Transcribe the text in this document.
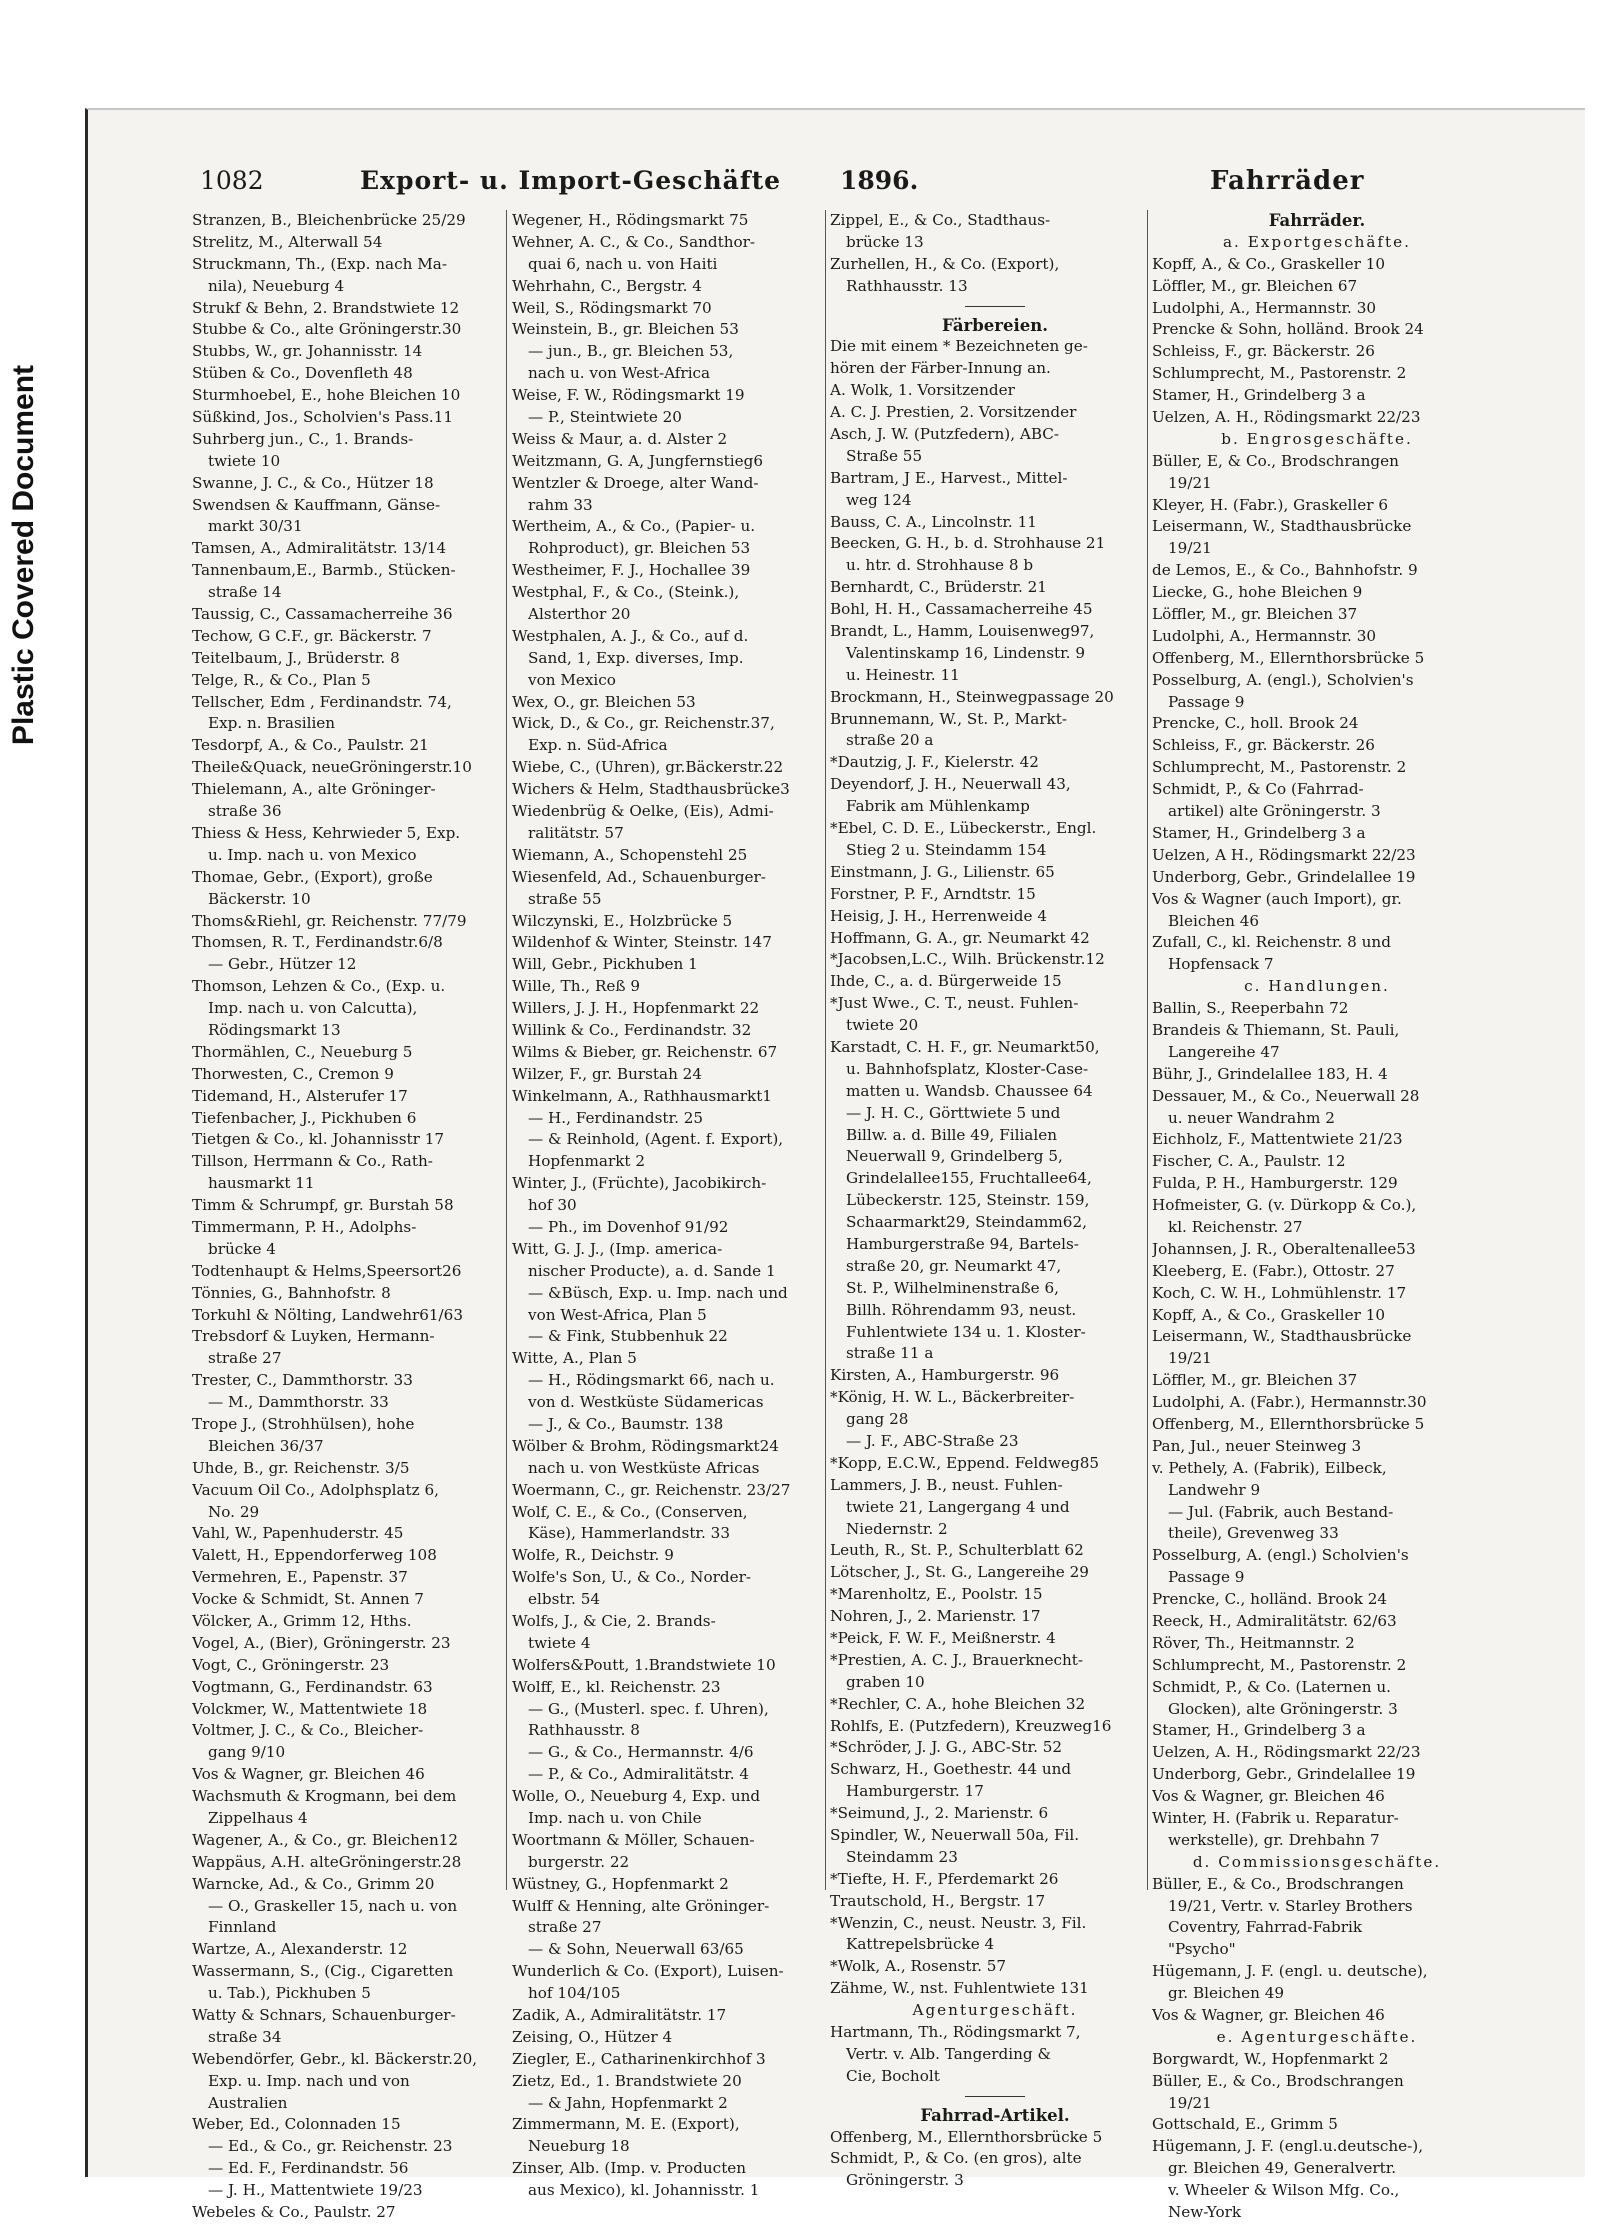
Plastic Covered Document
1082	Export- u. Import-Geschäfte 1896.	Fahrräder
Stranzen, B., Bleichenbrücke 25/29
Strelitz, M., Alterwall 54
Struckmann, Th., (Exp. nach Ma-
nila), Neueburg 4
Strukf & Behn, 2. Brandstwiete 12
Stubbe & Co., alte Gröningerstr.30
Stubbs, W., gr. Johannisstr. 14
Stüben & Co., Dovenfleth 48
Sturmhoebel, E., hohe Bleichen 10
Süßkind, Jos., Scholvien's Pass.11
Suhrberg jun., C., 1. Brands-
twiete 10
Swanne, J. C., & Co., Hützer 18
Swendsen & Kauffmann, Gänse-
markt 30/31
Tamsen, A., Admiralitätstr. 13/14
Tannenbaum,E., Barmb., Stücken-
straße 14
Taussig, C., Cassamacherreihe 36
Techow, G C.F., gr. Bäckerstr. 7
Teitelbaum, J., Brüderstr. 8
Telge, R., & Co., Plan 5
Tellscher, Edm , Ferdinandstr. 74,
Exp. n. Brasilien
Tesdorpf, A., & Co., Paulstr. 21
Theile&Quack, neueGröningerstr.10
Thielemann, A., alte Gröninger-
straße 36
Thiess & Hess, Kehrwieder 5, Exp.
u. Imp. nach u. von Mexico
Thomae, Gebr., (Export), große
Bäckerstr. 10
Thoms&Riehl, gr. Reichenstr. 77/79
Thomsen, R. T., Ferdinandstr.6/8
— Gebr., Hützer 12
Thomson, Lehzen & Co., (Exp. u.
Imp. nach u. von Calcutta),
Rödingsmarkt 13
Thormählen, C., Neueburg 5
Thorwesten, C., Cremon 9
Tidemand, H., Alsterufer 17
Tiefenbacher, J., Pickhuben 6
Tietgen & Co., kl. Johannisstr 17
Tillson, Herrmann & Co., Rath-
hausmarkt 11
Timm & Schrumpf, gr. Burstah 58
Timmermann, P. H., Adolphs-
brücke 4
Todtenhaupt & Helms,Speersort26
Tönnies, G., Bahnhofstr. 8
Torkuhl & Nölting, Landwehr61/63
Trebsdorf & Luyken, Hermann-
straße 27
Trester, C., Dammthorstr. 33
— M., Dammthorstr. 33
Trope J., (Strohhülsen), hohe
Bleichen 36/37
Uhde, B., gr. Reichenstr. 3/5
Vacuum Oil Co., Adolphsplatz 6,
No. 29
Vahl, W., Papenhuderstr. 45
Valett, H., Eppendorferweg 108
Vermehren, E., Papenstr. 37
Vocke & Schmidt, St. Annen 7
Völcker, A., Grimm 12, Hths.
Vogel, A., (Bier), Gröningerstr. 23
Vogt, C., Gröningerstr. 23
Vogtmann, G., Ferdinandstr. 63
Volckmer, W., Mattentwiete 18
Voltmer, J. C., & Co., Bleicher-
gang 9/10
Vos & Wagner, gr. Bleichen 46
Wachsmuth & Krogmann, bei dem
Zippelhaus 4
Wagener, A., & Co., gr. Bleichen12
Wappäus, A.H. alteGröningerstr.28
Warncke, Ad., & Co., Grimm 20
— O., Graskeller 15, nach u. von
Finnland
Wartze, A., Alexanderstr. 12
Wassermann, S., (Cig., Cigaretten
u. Tab.), Pickhuben 5
Watty & Schnars, Schauenburger-
straße 34
Webendörfer, Gebr., kl. Bäckerstr.20,
Exp. u. Imp. nach und von
Australien
Weber, Ed., Colonnaden 15
— Ed., & Co., gr. Reichenstr. 23
— Ed. F., Ferdinandstr. 56
— J. H., Mattentwiete 19/23
Webeles & Co., Paulstr. 27
Wegener, H., Rödingsmarkt 75
Wehner, A. C., & Co., Sandthor-
quai 6, nach u. von Haiti
Wehrhahn, C., Bergstr. 4
Weil, S., Rödingsmarkt 70
Weinstein, B., gr. Bleichen 53
— jun., B., gr. Bleichen 53,
nach u. von West-Africa
Weise, F. W., Rödingsmarkt 19
— P., Steintwiete 20
Weiss & Maur, a. d. Alster 2
Weitzmann, G. A, Jungfernstieg6
Wentzler & Droege, alter Wand-
rahm 33
Wertheim, A., & Co., (Papier- u.
Rohproduct), gr. Bleichen 53
Westheimer, F. J., Hochallee 39
Westphal, F., & Co., (Steink.),
Alsterthor 20
Westphalen, A. J., & Co., auf d.
Sand, 1, Exp. diverses, Imp.
von Mexico
Wex, O., gr. Bleichen 53
Wick, D., & Co., gr. Reichenstr.37,
Exp. n. Süd-Africa
Wiebe, C., (Uhren), gr.Bäckerstr.22
Wichers & Helm, Stadthausbrücke3
Wiedenbrüg & Oelke, (Eis), Admi-
ralitätstr. 57
Wiemann, A., Schopenstehl 25
Wiesenfeld, Ad., Schauenburger-
straße 55
Wilczynski, E., Holzbrücke 5
Wildenhof & Winter, Steinstr. 147
Will, Gebr., Pickhuben 1
Wille, Th., Reß 9
Willers, J. J. H., Hopfenmarkt 22
Willink & Co., Ferdinandstr. 32
Wilms & Bieber, gr. Reichenstr. 67
Wilzer, F., gr. Burstah 24
Winkelmann, A., Rathhausmarkt1
— H., Ferdinandstr. 25
— & Reinhold, (Agent. f. Export),
Hopfenmarkt 2
Winter, J., (Früchte), Jacobikirch-
hof 30
— Ph., im Dovenhof 91/92
Witt, G. J. J., (Imp. america-
nischer Producte), a. d. Sande 1
— &Büsch, Exp. u. Imp. nach und
von West-Africa, Plan 5
— & Fink, Stubbenhuk 22
Witte, A., Plan 5
— H., Rödingsmarkt 66, nach u.
von d. Westküste Südamericas
— J., & Co., Baumstr. 138
Wölber & Brohm, Rödingsmarkt24
nach u. von Westküste Africas
Woermann, C., gr. Reichenstr. 23/27
Wolf, C. E., & Co., (Conserven,
Käse), Hammerlandstr. 33
Wolfe, R., Deichstr. 9
Wolfe's Son, U., & Co., Norder-
elbstr. 54
Wolfs, J., & Cie, 2. Brands-
twiete 4
Wolfers&Poutt, 1.Brandstwiete 10
Wolff, E., kl. Reichenstr. 23
— G., (Musterl. spec. f. Uhren),
Rathhausstr. 8
— G., & Co., Hermannstr. 4/6
— P., & Co., Admiralitätstr. 4
Wolle, O., Neueburg 4, Exp. und
Imp. nach u. von Chile
Woortmann & Möller, Schauen-
burgerstr. 22
Wüstney, G., Hopfenmarkt 2
Wulff & Henning, alte Gröninger-
straße 27
— & Sohn, Neuerwall 63/65
Wunderlich & Co. (Export), Luisen-
hof 104/105
Zadik, A., Admiralitätstr. 17
Zeising, O., Hützer 4
Ziegler, E., Catharinenkirchhof 3
Zietz, Ed., 1. Brandstwiete 20
— & Jahn, Hopfenmarkt 2
Zimmermann, M. E. (Export),
Neueburg 18
Zinser, Alb. (Imp. v. Producten
aus Mexico), kl. Johannisstr. 1
Zippel, E., & Co., Stadthaus-
brücke 13
Zurhellen, H., & Co. (Export),
Rathhausstr. 13
Färbereien.
Die mit einem * Bezeichneten ge-
hören der Färber-Innung an.
A. Wolk, 1. Vorsitzender
A. C. J. Prestien, 2. Vorsitzender
Asch, J. W. (Putzfedern), ABC-
Straße 55
Bartram, J E., Harvest., Mittel-
weg 124
Bauss, C. A., Lincolnstr. 11
Beecken, G. H., b. d. Strohhause 21
u. htr. d. Strohhause 8 b
Bernhardt, C., Brüderstr. 21
Bohl, H. H., Cassamacherreihe 45
Brandt, L., Hamm, Louisenweg97,
Valentinskamp 16, Lindenstr. 9
u. Heinestr. 11
Brockmann, H., Steinwegpassage 20
Brunnemann, W., St. P., Markt-
straße 20 a
*Dautzig, J. F., Kielerstr. 42
Deyendorf, J. H., Neuerwall 43,
Fabrik am Mühlenkamp
*Ebel, C. D. E., Lübeckerstr., Engl.
Stieg 2 u. Steindamm 154
Einstmann, J. G., Lilienstr. 65
Forstner, P. F., Arndtstr. 15
Heisig, J. H., Herrenweide 4
Hoffmann, G. A., gr. Neumarkt 42
*Jacobsen,L.C., Wilh. Brückenstr.12
Ihde, C., a. d. Bürgerweide 15
*Just Wwe., C. T., neust. Fuhlen-
twiete 20
Karstadt, C. H. F., gr. Neumarkt50,
u. Bahnhofsplatz, Kloster-Case-
matten u. Wandsb. Chaussee 64
— J. H. C., Görttwiete 5 und
Billw. a. d. Bille 49, Filialen
Neuerwall 9, Grindelberg 5,
Grindelallee155, Fruchtallee64,
Lübeckerstr. 125, Steinstr. 159,
Schaarmarkt29, Steindamm62,
Hamburgerstraße 94, Bartels-
straße 20, gr. Neumarkt 47,
St. P., Wilhelminenstraße 6,
Billh. Röhrendamm 93, neust.
Fuhlentwiete 134 u. 1. Kloster-
straße 11 a
Kirsten, A., Hamburgerstr. 96
*König, H. W. L., Bäckerbreiter-
gang 28
— J. F., ABC-Straße 23
*Kopp, E.C.W., Eppend. Feldweg85
Lammers, J. B., neust. Fuhlen-
twiete 21, Langergang 4 und
Niedernstr. 2
Leuth, R., St. P., Schulterblatt 62
Lötscher, J., St. G., Langereihe 29
*Marenholtz, E., Poolstr. 15
Nohren, J., 2. Marienstr. 17
*Peick, F. W. F., Meißnerstr. 4
*Prestien, A. C. J., Brauerknecht-
graben 10
*Rechler, C. A., hohe Bleichen 32
Rohlfs, E. (Putzfedern), Kreuzweg16
*Schröder, J. J. G., ABC-Str. 52
Schwarz, H., Goethestr. 44 und
Hamburgerstr. 17
*Seimund, J., 2. Marienstr. 6
Spindler, W., Neuerwall 50a, Fil.
Steindamm 23
*Tiefte, H. F., Pferdemarkt 26
Trautschold, H., Bergstr. 17
*Wenzin, C., neust. Neustr. 3, Fil.
Kattrepelsbrücke 4
*Wolk, A., Rosenstr. 57
Zähme, W., nst. Fuhlentwiete 131
Agenturgeschäft.
Hartmann, Th., Rödingsmarkt 7,
Vertr. v. Alb. Tangerding &
Cie, Bocholt
Fahrrad-Artikel.
Offenberg, M., Ellernthorsbrücke 5
Schmidt, P., & Co. (en gros), alte
Gröningerstr. 3
Fahrräder.
a. Exportgeschäfte.
Kopff, A., & Co., Graskeller 10
Löffler, M., gr. Bleichen 67
Ludolphi, A., Hermannstr. 30
Prencke & Sohn, holländ. Brook 24
Schleiss, F., gr. Bäckerstr. 26
Schlumprecht, M., Pastorenstr. 2
Stamer, H., Grindelberg 3 a
Uelzen, A. H., Rödingsmarkt 22/23
b. Engrosgeschäfte.
Büller, E, & Co., Brodschrangen
19/21
Kleyer, H. (Fabr.), Graskeller 6
Leisermann, W., Stadthausbrücke
19/21
de Lemos, E., & Co., Bahnhofstr. 9
Liecke, G., hohe Bleichen 9
Löffler, M., gr. Bleichen 37
Ludolphi, A., Hermannstr. 30
Offenberg, M., Ellernthorsbrücke 5
Posselburg, A. (engl.), Scholvien's
Passage 9
Prencke, C., holl. Brook 24
Schleiss, F., gr. Bäckerstr. 26
Schlumprecht, M., Pastorenstr. 2
Schmidt, P., & Co (Fahrrad-
artikel) alte Gröningerstr. 3
Stamer, H., Grindelberg 3 a
Uelzen, A H., Rödingsmarkt 22/23
Underborg, Gebr., Grindelallee 19
Vos & Wagner (auch Import), gr.
Bleichen 46
Zufall, C., kl. Reichenstr. 8 und
Hopfensack 7
c. Handlungen.
Ballin, S., Reeperbahn 72
Brandeis & Thiemann, St. Pauli,
Langereihe 47
Bühr, J., Grindelallee 183, H. 4
Dessauer, M., & Co., Neuerwall 28
u. neuer Wandrahm 2
Eichholz, F., Mattentwiete 21/23
Fischer, C. A., Paulstr. 12
Fulda, P. H., Hamburgerstr. 129
Hofmeister, G. (v. Dürkopp & Co.),
kl. Reichenstr. 27
Johannsen, J. R., Oberaltenallee53
Kleeberg, E. (Fabr.), Ottostr. 27
Koch, C. W. H., Lohmühlenstr. 17
Kopff, A., & Co., Graskeller 10
Leisermann, W., Stadthausbrücke
19/21
Löffler, M., gr. Bleichen 37
Ludolphi, A. (Fabr.), Hermannstr.30
Offenberg, M., Ellernthorsbrücke 5
Pan, Jul., neuer Steinweg 3
v. Pethely, A. (Fabrik), Eilbeck,
Landwehr 9
— Jul. (Fabrik, auch Bestand-
theile), Grevenweg 33
Posselburg, A. (engl.) Scholvien's
Passage 9
Prencke, C., holländ. Brook 24
Reeck, H., Admiralitätstr. 62/63
Röver, Th., Heitmannstr. 2
Schlumprecht, M., Pastorenstr. 2
Schmidt, P., & Co. (Laternen u.
Glocken), alte Gröningerstr. 3
Stamer, H., Grindelberg 3 a
Uelzen, A. H., Rödingsmarkt 22/23
Underborg, Gebr., Grindelallee 19
Vos & Wagner, gr. Bleichen 46
Winter, H. (Fabrik u. Reparatur-
werkstelle), gr. Drehbahn 7
d. Commissionsgeschäfte.
Büller, E., & Co., Brodschrangen
19/21, Vertr. v. Starley Brothers
Coventry, Fahrrad-Fabrik
"Psycho"
Hügemann, J. F. (engl. u. deutsche),
gr. Bleichen 49
Vos & Wagner, gr. Bleichen 46
e. Agenturgeschäfte.
Borgwardt, W., Hopfenmarkt 2
Büller, E., & Co., Brodschrangen
19/21
Gottschald, E., Grimm 5
Hügemann, J. F. (engl.u.deutsche-),
gr. Bleichen 49, Generalvertr.
v. Wheeler & Wilson Mfg. Co.,
New-York
